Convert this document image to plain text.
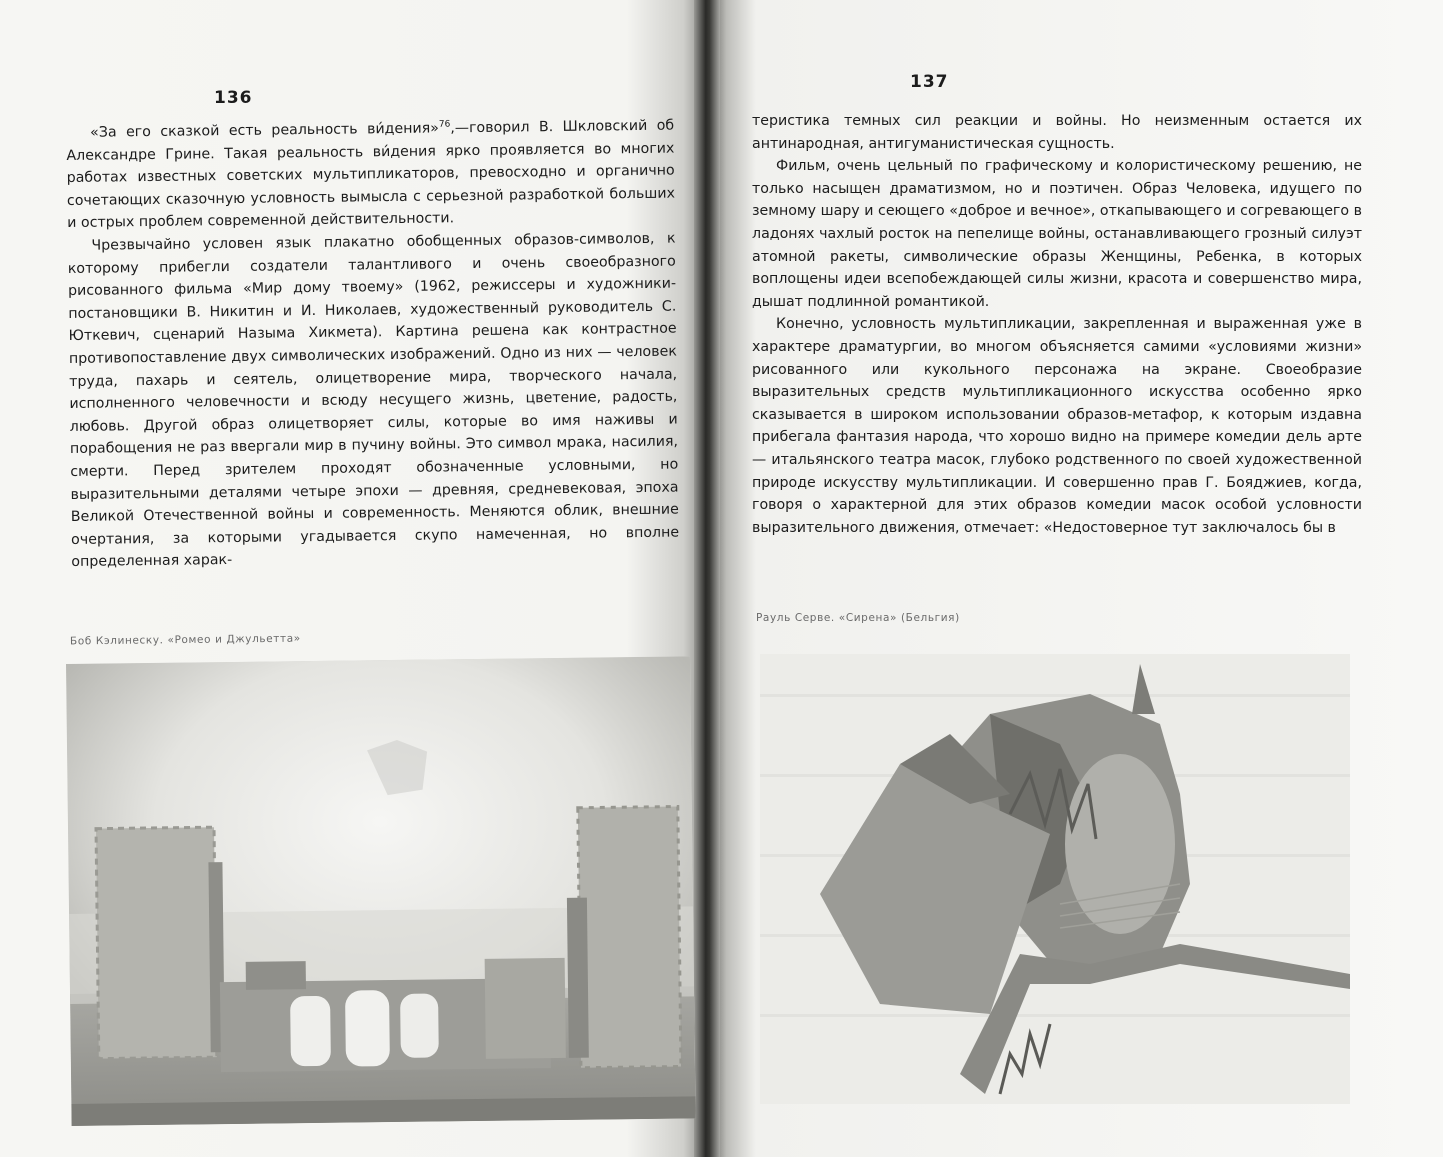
136

«За его сказкой есть реальность ви́дения»$^{76}$,—говорил В. Шкловский об Александре Грине. Такая реальность ви́дения ярко проявляется во многих работах известных советских мультипликаторов, превосходно и органично сочетающих сказочную условность вымысла с серьезной разработкой больших и острых проблем современной действительности.

Чрезвычайно условен язык плакатно обобщенных образов-символов, к которому прибегли создатели талантливого и очень своеобразного рисованного фильма «Мир дому твоему» (1962, режиссеры и художники-постановщики В. Никитин и И. Николаев, художественный руководитель С. Юткевич, сценарий Назыма Хикмета). Картина решена как контрастное противопоставление двух символических изображений. Одно из них — человек труда, пахарь и сеятель, олицетворение мира, творческого начала, исполненного человечности и всюду несущего жизнь, цветение, радость, любовь. Другой образ олицетворяет силы, которые во имя наживы и порабощения не раз ввергали мир в пучину войны. Это символ мрака, насилия, смерти. Перед зрителем проходят обозначенные условными, но выразительными деталями четыре эпохи — древняя, средневековая, эпоха Великой Отечественной войны и современность. Меняются облик, внешние очертания, за которыми угадывается скупо намеченная, но вполне определенная харак-

Боб Кэлинеску. «Ромео и Джульетта»
137

теристика темных сил реакции и войны. Но неизменным остается их антинародная, антигуманистическая сущность.

Фильм, очень цельный по графическому и колористическому решению, не только насыщен драматизмом, но и поэтичен. Образ Человека, идущего по земному шару и сеющего «доброе и вечное», откапывающего и согревающего в ладонях чахлый росток на пепелище войны, останавливающего грозный силуэт атомной ракеты, символические образы Женщины, Ребенка, в которых воплощены идеи всепобеждающей силы жизни, красота и совершенство мира, дышат подлинной романтикой.

Конечно, условность мультипликации, закрепленная и выраженная уже в характере драматургии, во многом объясняется самими «условиями жизни» рисованного или кукольного персонажа на экране. Своеобразие выразительных средств мультипликационного искусства особенно ярко сказывается в широком использовании образов-метафор, к которым издавна прибегала фантазия народа, что хорошо видно на примере комедии дель арте — итальянского театра масок, глубоко родственного по своей художественной природе искусству мультипликации. И совершенно прав Г. Бояджиев, когда, говоря о характерной для этих образов комедии масок особой условности выразительного движения, отмечает: «Недостоверное тут заключалось бы в

Рауль Серве. «Сирена» (Бельгия)
